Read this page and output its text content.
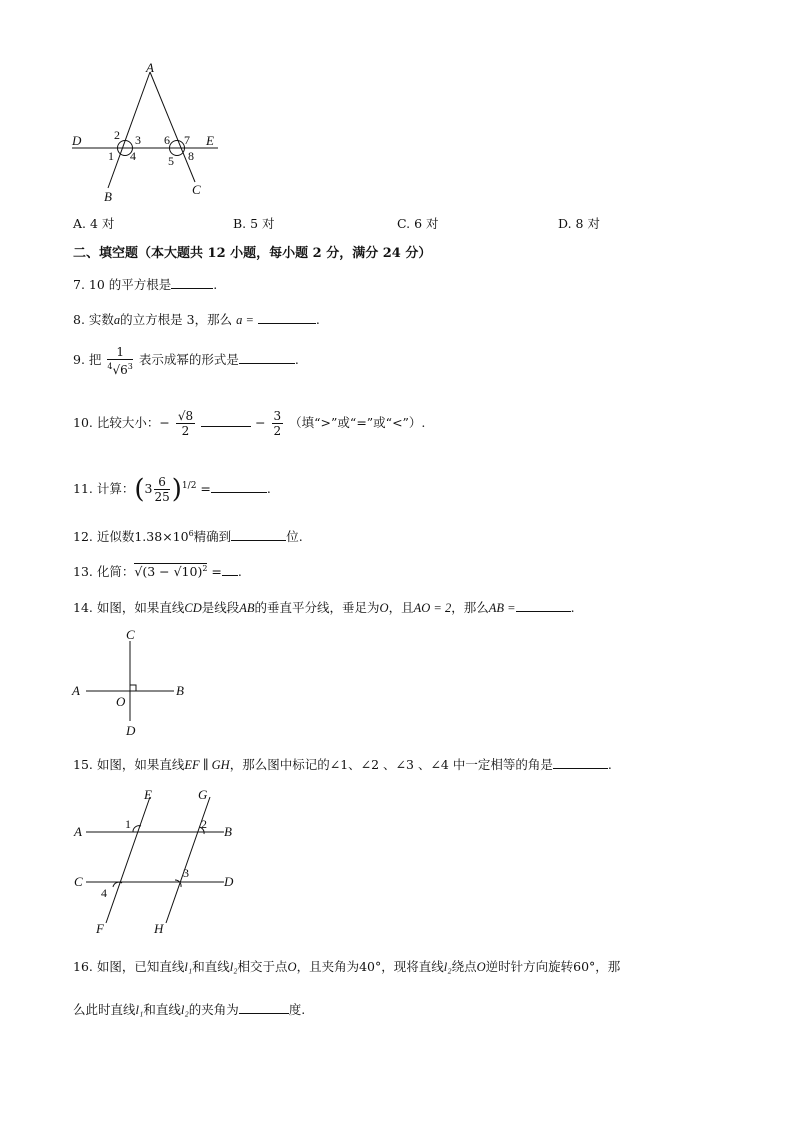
A
D	E
B	C
1
2 3
4	5
6 7
8
A. 4 对	B. 5 对	C. 6 对	D. 8 对
二、填空题（本大题共 12 小题，每小题 2 分，满分 24 分）
7. 10 的平方根是	.
8. 实数a的立方根是 3，那么 a =	.
9. 把 $\frac{1}{^4√6^3}$ 表示成幂的形式是	.
10. 比较大小：− $\frac{√8}{2}$	− $\frac{3}{2}$ （填“>”或“=”或“<”）.
11. 计算：$(3 \frac{6}{25} )^{1/2}$ =	.
12. 近似数$1.38\times 10^6$精确到	位.
13. 化简：$√(3 - √10)^2$ = .
14. 如图，如果直线CD是线段AB的垂直平分线，垂足为O，且AO = 2，那么AB =	.
C
A	B
O
D
15. 如图，如果直线EF ∥ GH，那么图中标记的∠1、∠2 、∠3 、∠4 中一定相等的角是	.
E	G
A	B
C	D
F	H
1	2
3
4
16. 如图，已知直线l₁和直线l₂相交于点O，且夹角为40°，现将直线l₂绕点O逆时针方向旋转60°，那
么此时直线l₁和直线l₂的夹角为	度.
